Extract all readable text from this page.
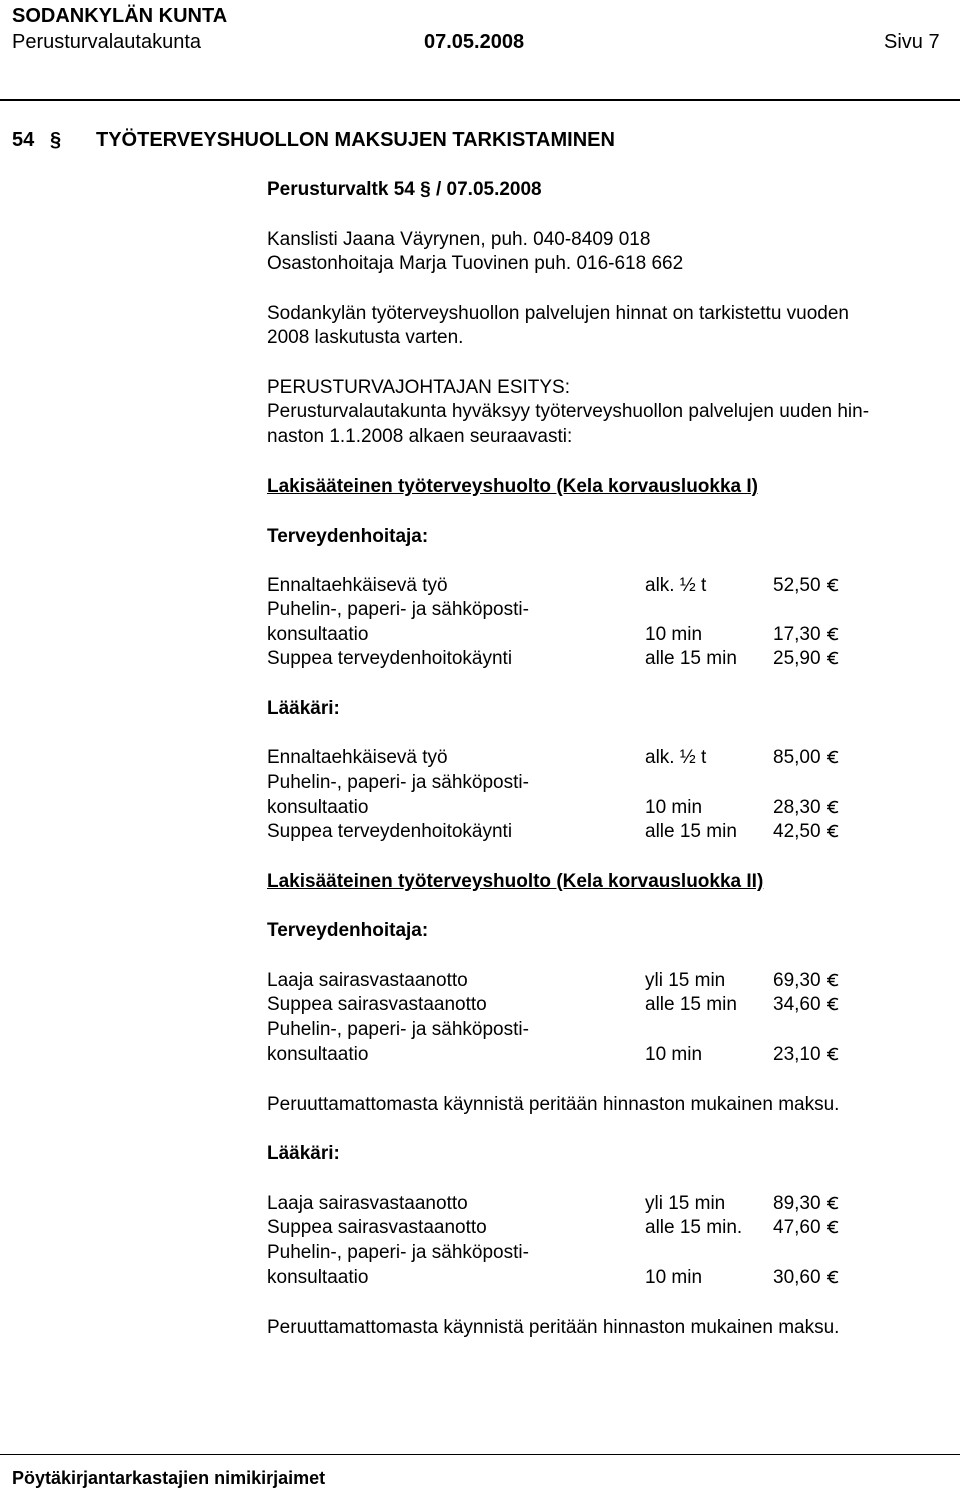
SODANKYLÄN KUNTA
Perusturvalautakunta	07.05.2008	Sivu 7
54 § TYÖTERVEYSHUOLLON MAKSUJEN TARKISTAMINEN
Perusturvaltk 54 § / 07.05.2008
Kanslisti Jaana Väyrynen, puh. 040-8409 018
Osastonhoitaja Marja Tuovinen puh. 016-618 662
Sodankylän työterveyshuollon palvelujen hinnat on tarkistettu vuoden
2008 laskutusta varten.
PERUSTURVAJOHTAJAN ESITYS:
Perusturvalautakunta hyväksyy työterveyshuollon palvelujen uuden hin-
naston 1.1.2008 alkaen seuraavasti:
Lakisääteinen työterveyshuolto (Kela korvausluokka I)
Terveydenhoitaja:
Ennaltaehkäisevä työ	alk. ½ t	52,50
Puhelin-, paperi- ja sähköposti-
konsultaatio	10 min	17,30
Suppea terveydenhoitokäynti	alle 15 min 25,90
Lääkäri:
Ennaltaehkäisevä työ	alk. ½ t	85,00
Puhelin-, paperi- ja sähköposti-
konsultaatio	10 min	28,30
Suppea terveydenhoitokäynti	alle 15 min 42,50
Lakisääteinen työterveyshuolto (Kela korvausluokka II)
Terveydenhoitaja:
Laaja sairasvastaanotto	yli 15 min	69,30
Suppea sairasvastaanotto	alle 15 min 34,60
Puhelin-, paperi- ja sähköposti-
konsultaatio	10 min	23,10
Peruuttamattomasta käynnistä peritään hinnaston mukainen maksu.
Lääkäri:
Laaja sairasvastaanotto	yli 15 min	89,30
Suppea sairasvastaanotto	alle 15 min. 47,60
Puhelin-, paperi- ja sähköposti-
konsultaatio	10 min	30,60
Peruuttamattomasta käynnistä peritään hinnaston mukainen maksu.
Pöytäkirjantarkastajien nimikirjaimet
